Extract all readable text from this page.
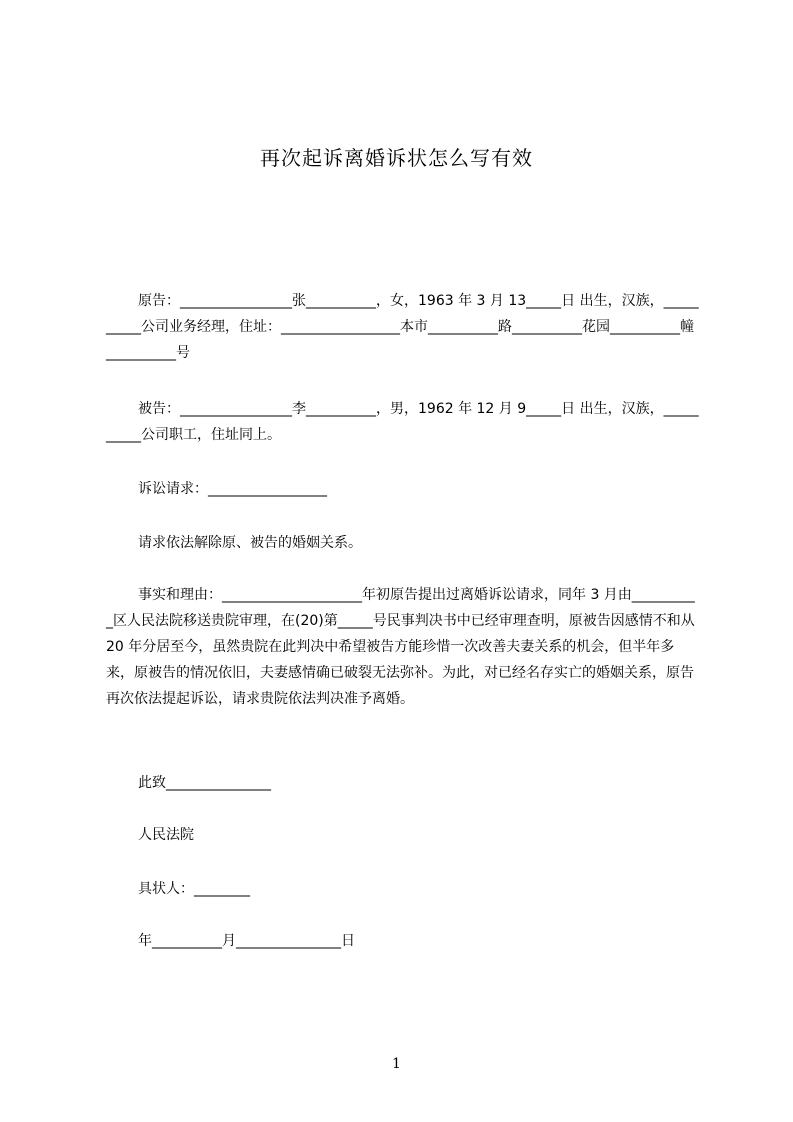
再次起诉离婚诉状怎么写有效
原告：________________张__________，女，1963 年 3 月 13_____日 出生，汉族，__________公司业务经理，住址：_________________本市__________路__________花园__________幢__________号
被告：________________李__________，男，1962 年 12 月 9_____日 出生，汉族，__________公司职工，住址同上。
诉讼请求：_________________
请求依法解除原、被告的婚姻关系。
事实和理由：____________________年初原告提出过离婚诉讼请求，同年 3 月由__________区人民法院移送贵院审理，在(20)第_____号民事判决书中已经审理查明，原被告因感情不和从 20 年分居至今，虽然贵院在此判决中希望被告方能珍惜一次改善夫妻关系的机会，但半年多来，原被告的情况依旧，夫妻感情确已破裂无法弥补。为此，对已经名存实亡的婚姻关系，原告再次依法提起诉讼，请求贵院依法判决准予离婚。
此致_______________
人民法院
具状人：________
年__________月_______________日
1
